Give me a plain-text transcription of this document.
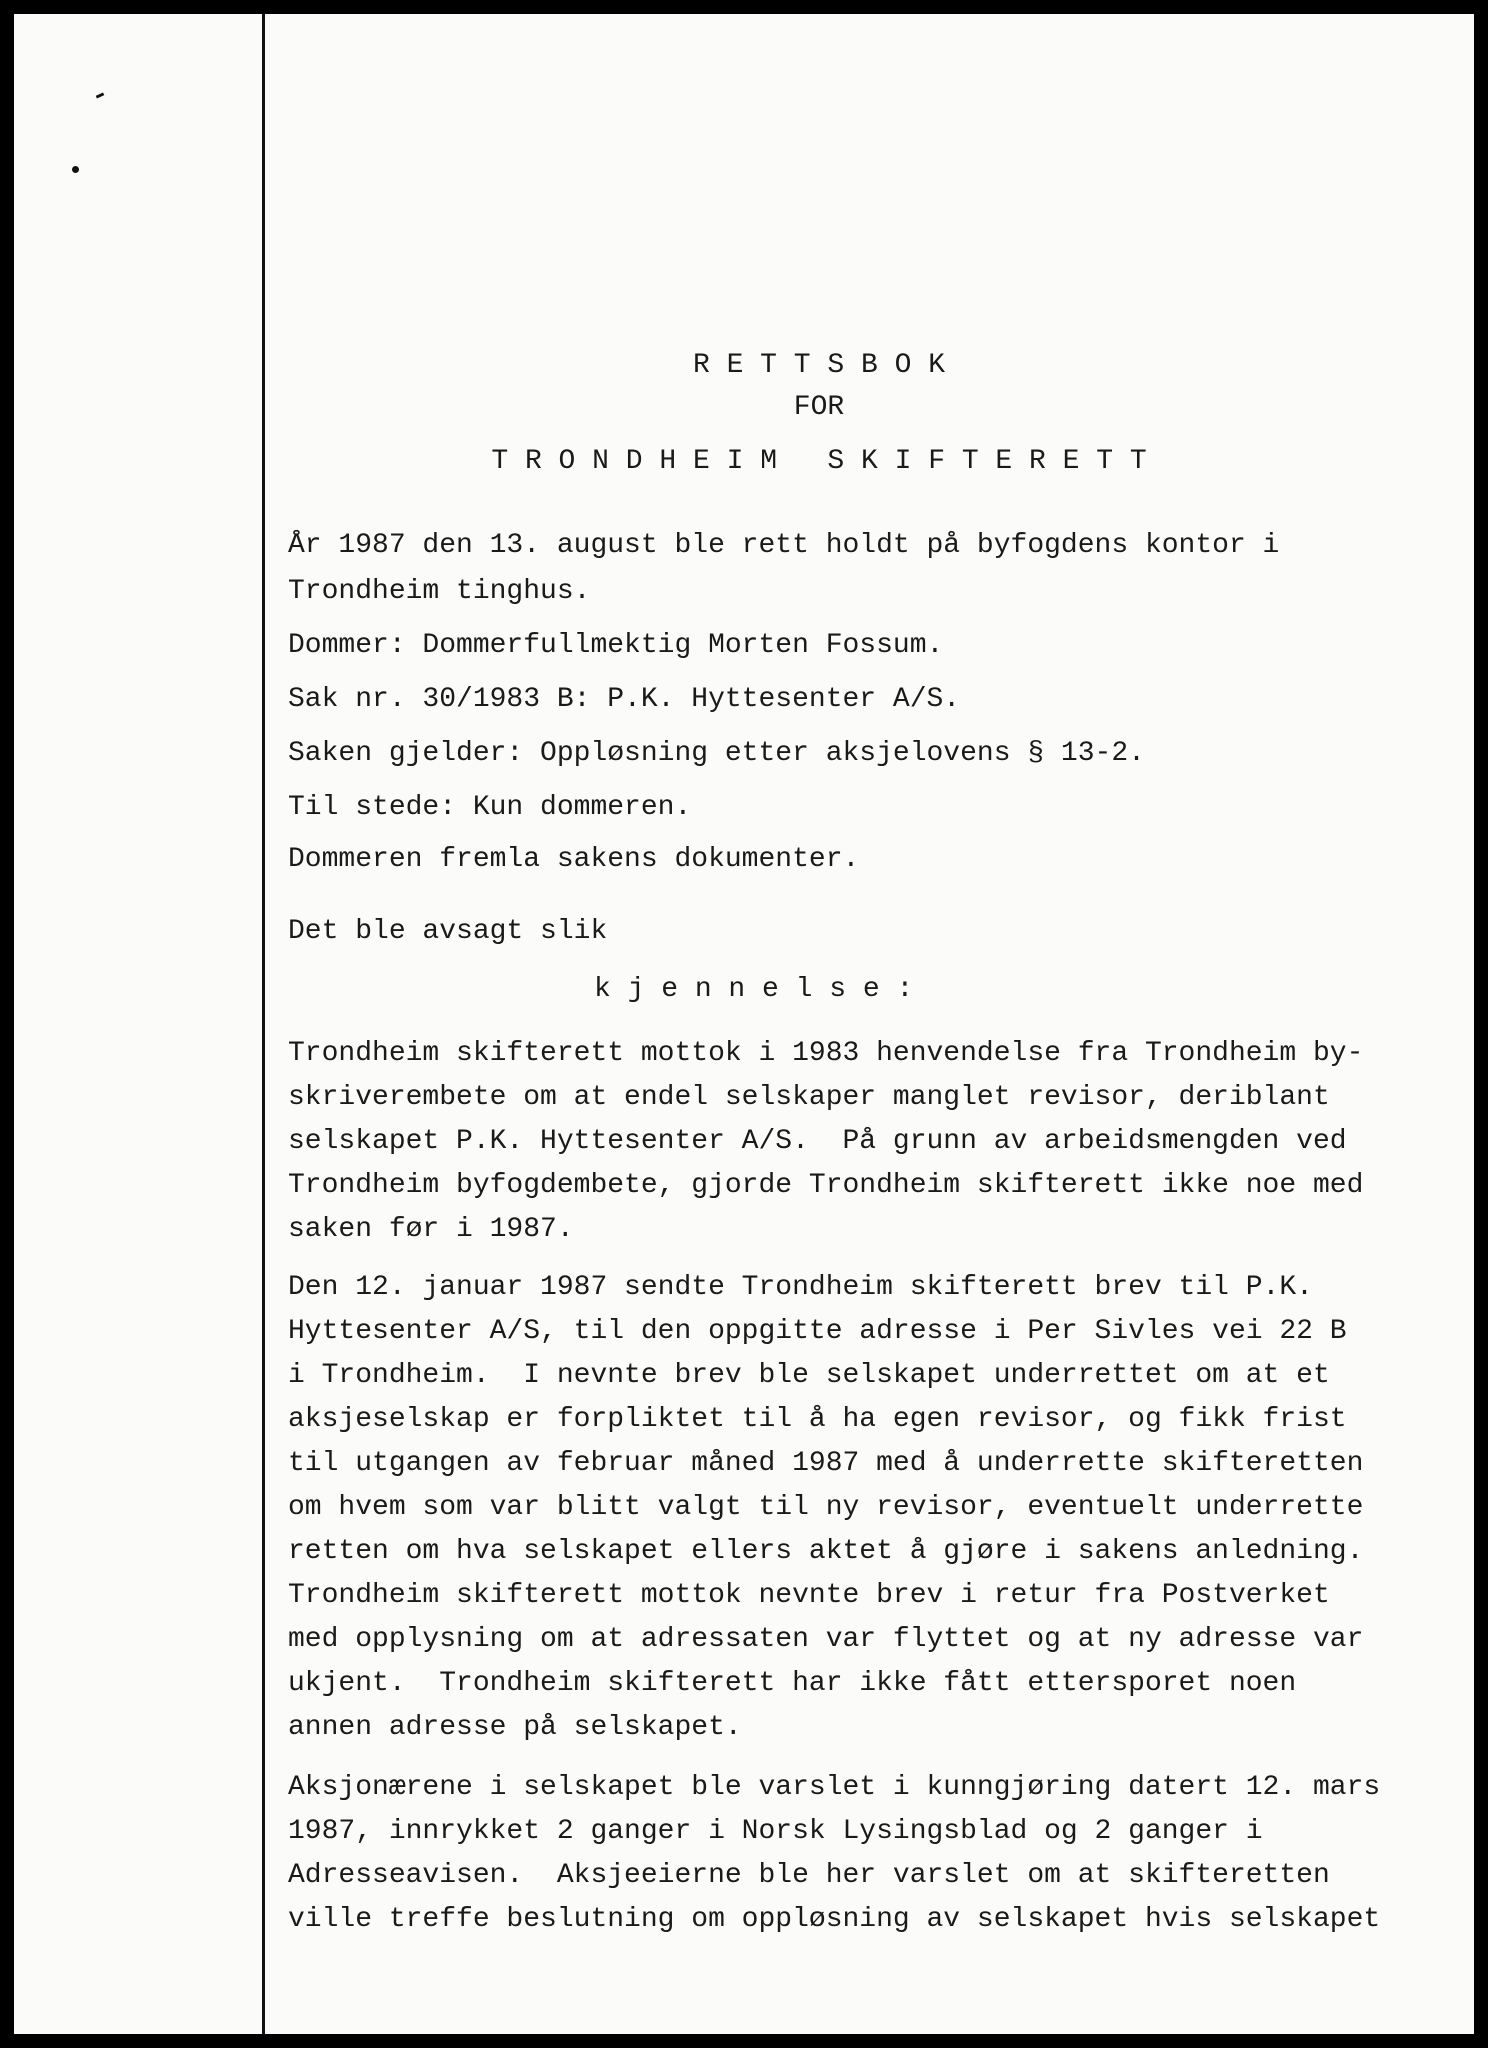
R E T T S B O K
FOR
T R O N D H E I M   S K I F T E R E T T
År 1987 den 13. august ble rett holdt på byfogdens kontor i
Trondheim tinghus.
Dommer: Dommerfullmektig Morten Fossum.
Sak nr. 30/1983 B: P.K. Hyttesenter A/S.
Saken gjelder: Oppløsning etter aksjelovens § 13-2.
Til stede: Kun dommeren.
Dommeren fremla sakens dokumenter.
Det ble avsagt slik
k j e n n e l s e :
Trondheim skifterett mottok i 1983 henvendelse fra Trondheim by-
skriverembete om at endel selskaper manglet revisor, deriblant
selskapet P.K. Hyttesenter A/S.  På grunn av arbeidsmengden ved
Trondheim byfogdembete, gjorde Trondheim skifterett ikke noe med
saken før i 1987.
Den 12. januar 1987 sendte Trondheim skifterett brev til P.K.
Hyttesenter A/S, til den oppgitte adresse i Per Sivles vei 22 B
i Trondheim.  I nevnte brev ble selskapet underrettet om at et
aksjeselskap er forpliktet til å ha egen revisor, og fikk frist
til utgangen av februar måned 1987 med å underrette skifteretten
om hvem som var blitt valgt til ny revisor, eventuelt underrette
retten om hva selskapet ellers aktet å gjøre i sakens anledning.
Trondheim skifterett mottok nevnte brev i retur fra Postverket
med opplysning om at adressaten var flyttet og at ny adresse var
ukjent.  Trondheim skifterett har ikke fått ettersporet noen
annen adresse på selskapet.
Aksjonærene i selskapet ble varslet i kunngjøring datert 12. mars
1987, innrykket 2 ganger i Norsk Lysingsblad og 2 ganger i
Adresseavisen.  Aksjeeierne ble her varslet om at skifteretten
ville treffe beslutning om oppløsning av selskapet hvis selskapet
